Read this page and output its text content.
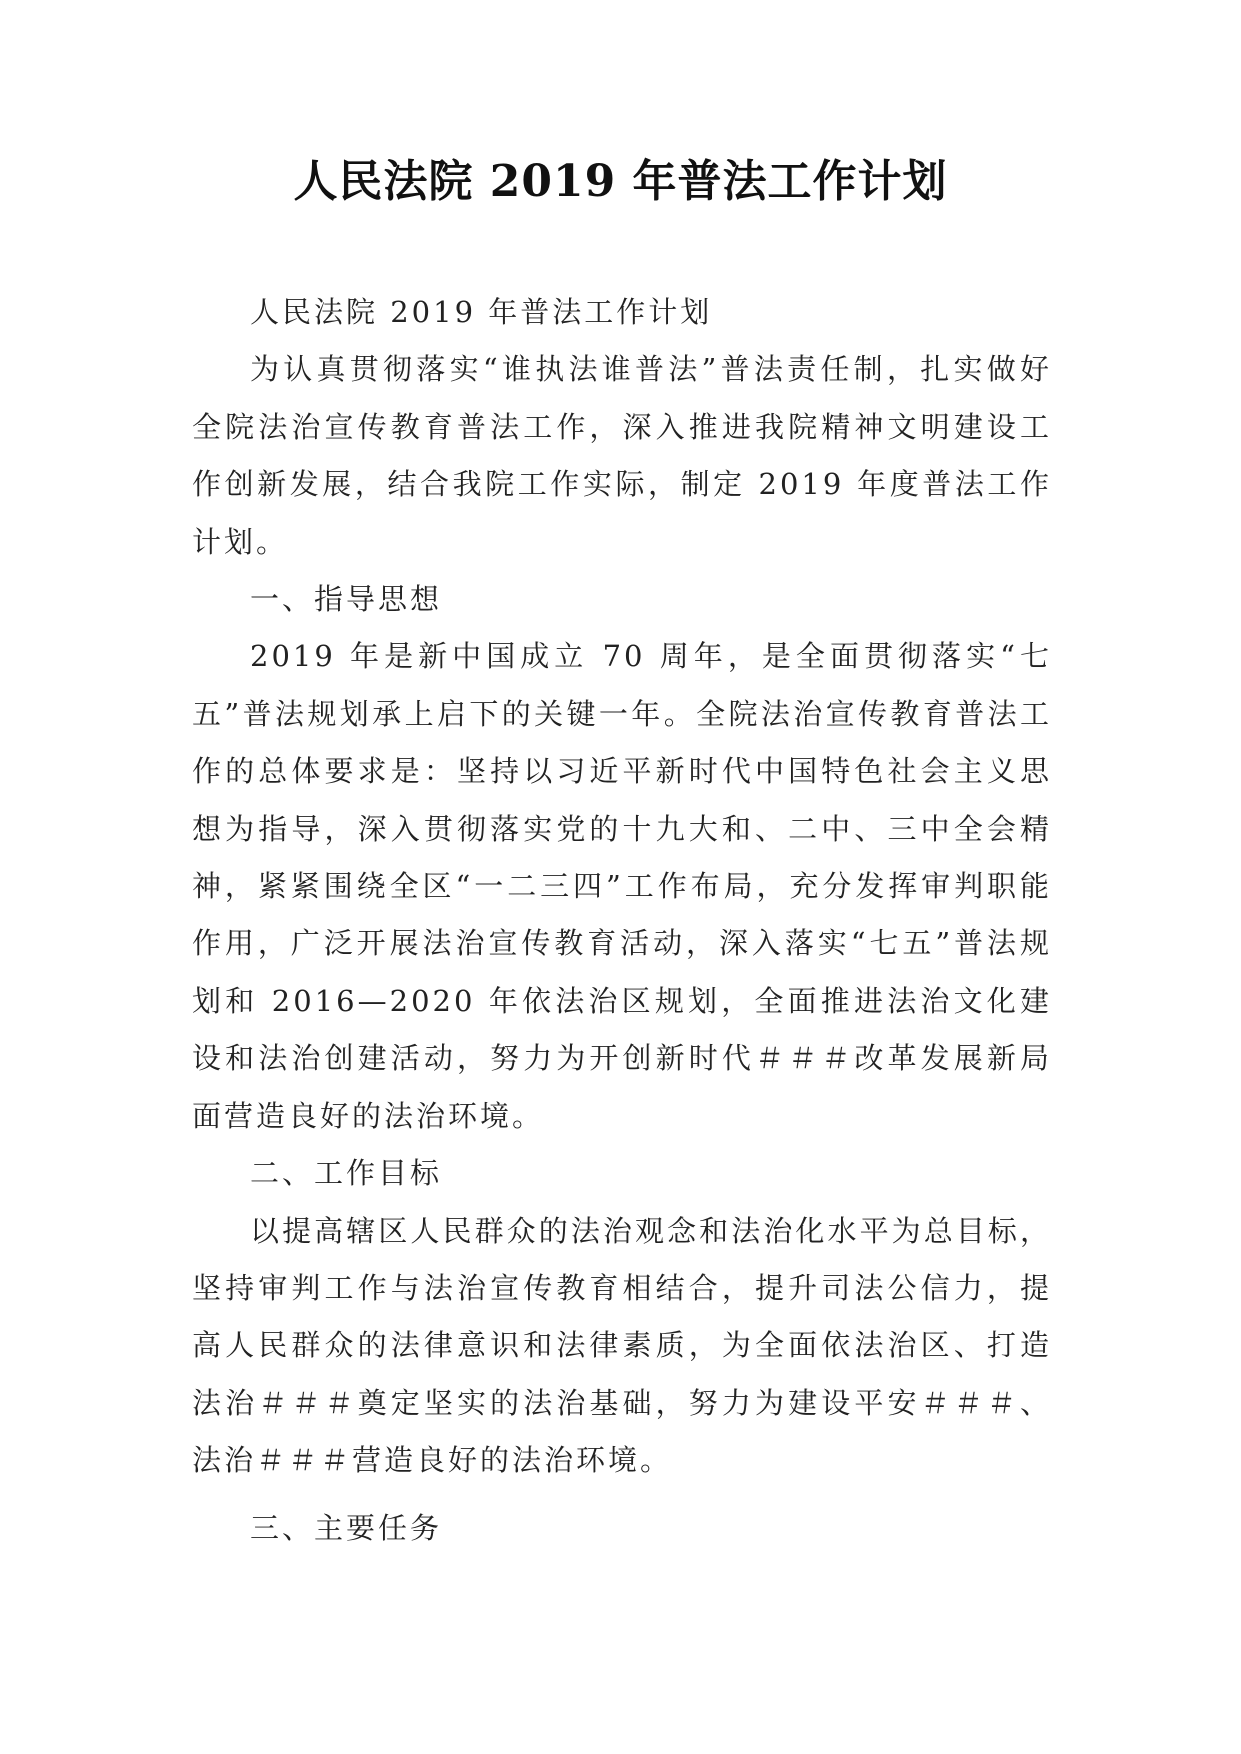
人民法院 2019 年普法工作计划

人民法院 2019 年普法工作计划

为认真贯彻落实“谁执法谁普法”普法责任制，扎实做好全院法治宣传教育普法工作，深入推进我院精神文明建设工作创新发展，结合我院工作实际，制定 2019 年度普法工作计划。

一、指导思想

2019 年是新中国成立 70 周年，是全面贯彻落实“七五”普法规划承上启下的关键一年。全院法治宣传教育普法工作的总体要求是：坚持以习近平新时代中国特色社会主义思想为指导，深入贯彻落实党的十九大和、二中、三中全会精神，紧紧围绕全区“一二三四”工作布局，充分发挥审判职能作用，广泛开展法治宣传教育活动，深入落实“七五”普法规划和 2016—2020 年依法治区规划，全面推进法治文化建设和法治创建活动，努力为开创新时代＃＃＃改革发展新局面营造良好的法治环境。

二、工作目标

以提高辖区人民群众的法治观念和法治化水平为总目标，坚持审判工作与法治宣传教育相结合，提升司法公信力，提高人民群众的法律意识和法律素质，为全面依法治区、打造法治＃＃＃奠定坚实的法治基础，努力为建设平安＃＃＃、法治＃＃＃营造良好的法治环境。

三、主要任务
